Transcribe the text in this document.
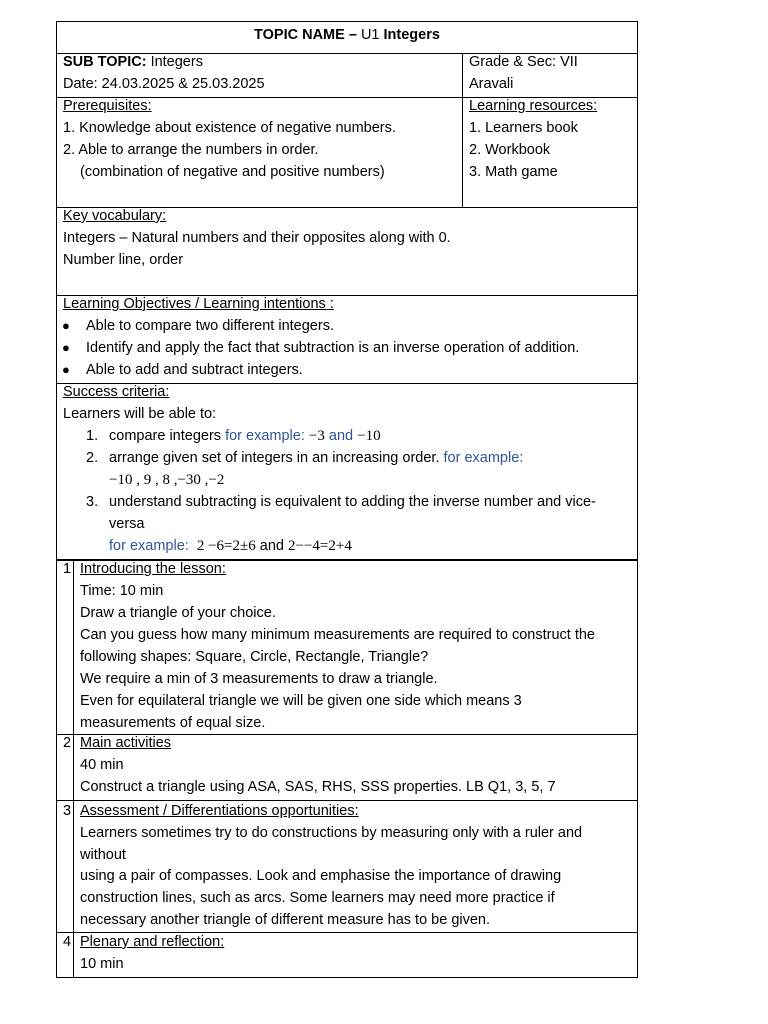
TOPIC NAME – U1 Integers
SUB TOPIC: Integers
Date: 24.03.2025 & 25.03.2025
Grade & Sec: VII
Aravali
Prerequisites:
1. Knowledge about existence of negative numbers.
2. Able to arrange the numbers in order.
(combination of negative and positive numbers)
Learning resources:
1. Learners book
2. Workbook
3. Math game
Key vocabulary:
Integers – Natural numbers and their opposites along with 0.
Number line, order
Learning Objectives / Learning intentions :
● Able to compare two different integers.
● Identify and apply the fact that subtraction is an inverse operation of addition.
● Able to add and subtract integers.
Success criteria:
Learners will be able to:
1. compare integers for example: −3 and −10
2. arrange given set of integers in an increasing order. for example:
−10 , 9 , 8 ,−30 ,−2
3. understand subtracting is equivalent to adding the inverse number and vice-
versa
for example: 2 −6=2±6 and 2−−4=2+4
1 Introducing the lesson:
Time: 10 min
Draw a triangle of your choice.
Can you guess how many minimum measurements are required to construct the
following shapes: Square, Circle, Rectangle, Triangle?
We require a min of 3 measurements to draw a triangle.
Even for equilateral triangle we will be given one side which means 3
measurements of equal size.
2 Main activities
40 min
Construct a triangle using ASA, SAS, RHS, SSS properties. LB Q1, 3, 5, 7
3 Assessment / Differentiations opportunities:
Learners sometimes try to do constructions by measuring only with a ruler and
without
using a pair of compasses. Look and emphasise the importance of drawing
construction lines, such as arcs. Some learners may need more practice if
necessary another triangle of different measure has to be given.
4 Plenary and reflection:
10 min
